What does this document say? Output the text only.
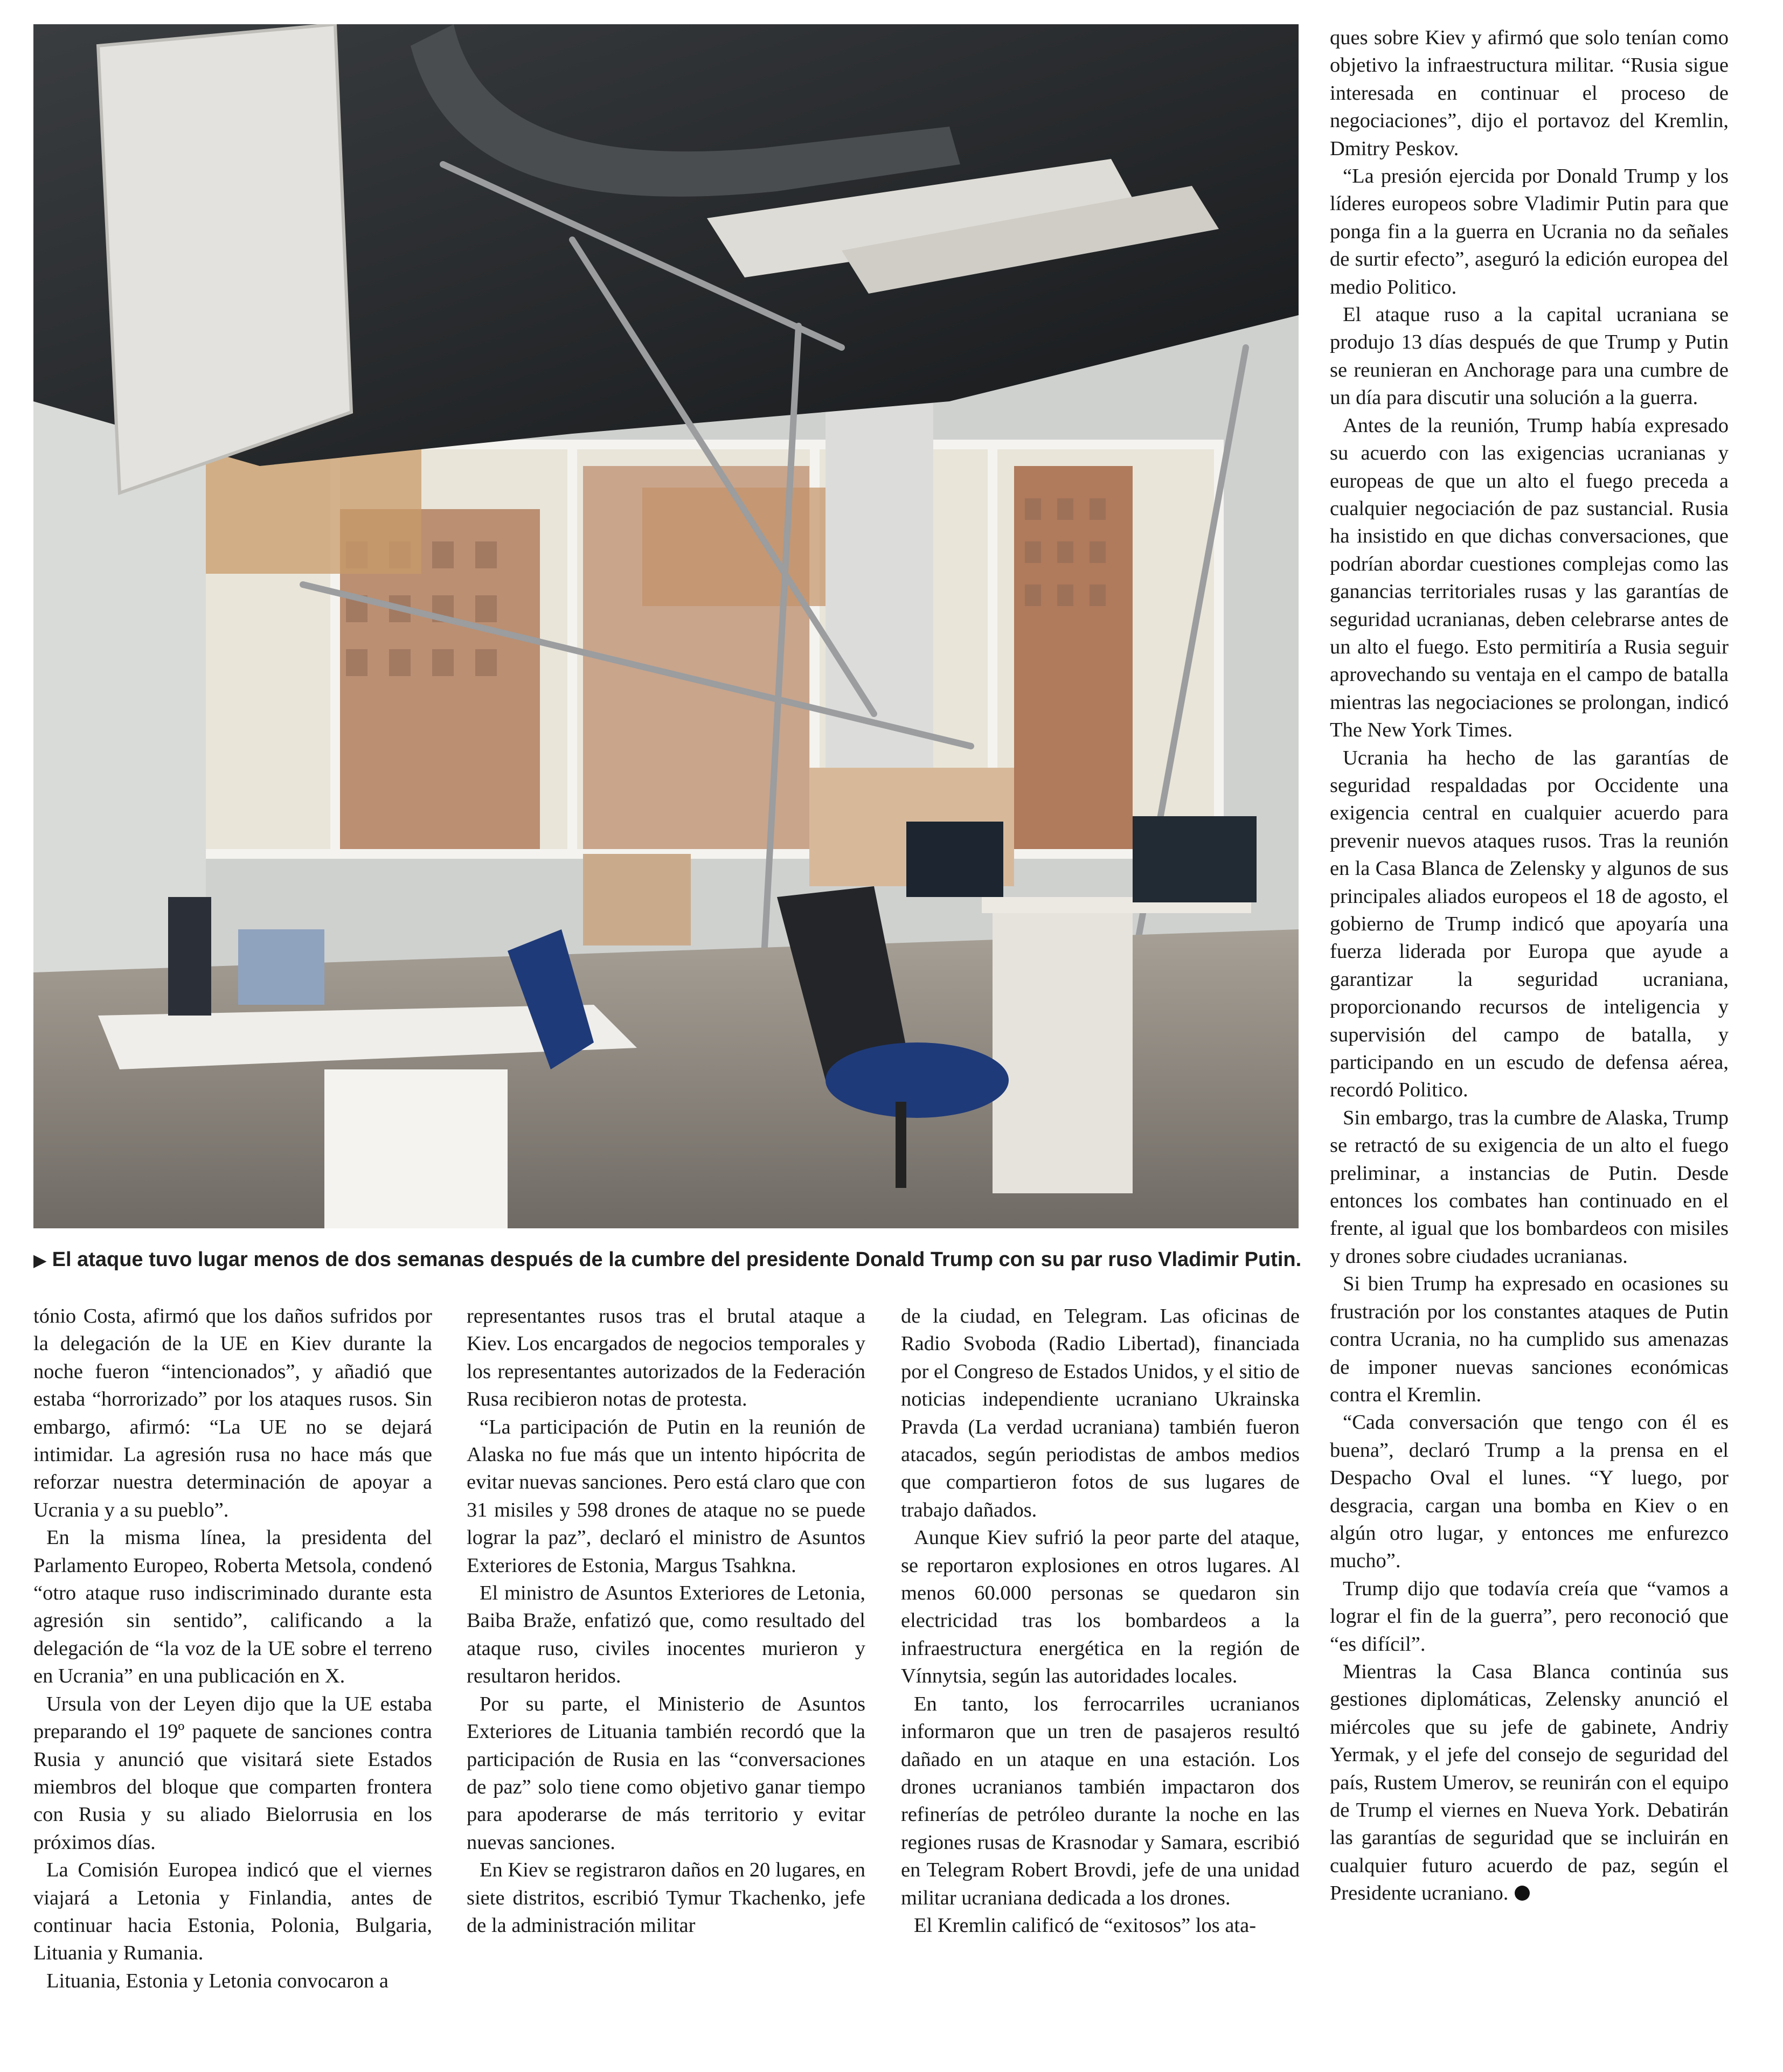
▶ El ataque tuvo lugar menos de dos semanas después de la cumbre del presidente Donald Trump con su par ruso Vladimir Putin.

tónio Costa, afirmó que los daños sufridos por la delegación de la UE en Kiev durante la noche fueron “intencionados”, y añadió que estaba “horrorizado” por los ataques rusos. Sin embargo, afirmó: “La UE no se dejará intimidar. La agresión rusa no hace más que reforzar nuestra determinación de apoyar a Ucrania y a su pueblo”.

En la misma línea, la presidenta del Parlamento Europeo, Roberta Metsola, condenó “otro ataque ruso indiscriminado durante esta agresión sin sentido”, calificando a la delegación de “la voz de la UE sobre el terreno en Ucrania” en una publicación en X.

Ursula von der Leyen dijo que la UE estaba preparando el 19º paquete de sanciones contra Rusia y anunció que visitará siete Estados miembros del bloque que comparten frontera con Rusia y su aliado Bielorrusia en los próximos días.

La Comisión Europea indicó que el viernes viajará a Letonia y Finlandia, antes de continuar hacia Estonia, Polonia, Bulgaria, Lituania y Rumania.

Lituania, Estonia y Letonia convocaron a

representantes rusos tras el brutal ataque a Kiev. Los encargados de negocios temporales y los representantes autorizados de la Federación Rusa recibieron notas de protesta.

“La participación de Putin en la reunión de Alaska no fue más que un intento hipócrita de evitar nuevas sanciones. Pero está claro que con 31 misiles y 598 drones de ataque no se puede lograr la paz”, declaró el ministro de Asuntos Exteriores de Estonia, Margus Tsahkna.

El ministro de Asuntos Exteriores de Letonia, Baiba Braže, enfatizó que, como resultado del ataque ruso, civiles inocentes murieron y resultaron heridos.

Por su parte, el Ministerio de Asuntos Exteriores de Lituania también recordó que la participación de Rusia en las “conversaciones de paz” solo tiene como objetivo ganar tiempo para apoderarse de más territorio y evitar nuevas sanciones.

En Kiev se registraron daños en 20 lugares, en siete distritos, escribió Tymur Tkachenko, jefe de la administración militar

de la ciudad, en Telegram. Las oficinas de Radio Svoboda (Radio Libertad), financiada por el Congreso de Estados Unidos, y el sitio de noticias independiente ucraniano Ukrainska Pravda (La verdad ucraniana) también fueron atacados, según periodistas de ambos medios que compartieron fotos de sus lugares de trabajo dañados.

Aunque Kiev sufrió la peor parte del ataque, se reportaron explosiones en otros lugares. Al menos 60.000 personas se quedaron sin electricidad tras los bombardeos a la infraestructura energética en la región de Vínnytsia, según las autoridades locales.

En tanto, los ferrocarriles ucranianos informaron que un tren de pasajeros resultó dañado en un ataque en una estación. Los drones ucranianos también impactaron dos refinerías de petróleo durante la noche en las regiones rusas de Krasnodar y Samara, escribió en Telegram Robert Brovdi, jefe de una unidad militar ucraniana dedicada a los drones.

El Kremlin calificó de “exitosos” los ata-

ques sobre Kiev y afirmó que solo tenían como objetivo la infraestructura militar. “Rusia sigue interesada en continuar el proceso de negociaciones”, dijo el portavoz del Kremlin, Dmitry Peskov.

“La presión ejercida por Donald Trump y los líderes europeos sobre Vladimir Putin para que ponga fin a la guerra en Ucrania no da señales de surtir efecto”, aseguró la edición europea del medio Politico.

El ataque ruso a la capital ucraniana se produjo 13 días después de que Trump y Putin se reunieran en Anchorage para una cumbre de un día para discutir una solución a la guerra.

Antes de la reunión, Trump había expresado su acuerdo con las exigencias ucranianas y europeas de que un alto el fuego preceda a cualquier negociación de paz sustancial. Rusia ha insistido en que dichas conversaciones, que podrían abordar cuestiones complejas como las ganancias territoriales rusas y las garantías de seguridad ucranianas, deben celebrarse antes de un alto el fuego. Esto permitiría a Rusia seguir aprovechando su ventaja en el campo de batalla mientras las negociaciones se prolongan, indicó The New York Times.

Ucrania ha hecho de las garantías de seguridad respaldadas por Occidente una exigencia central en cualquier acuerdo para prevenir nuevos ataques rusos. Tras la reunión en la Casa Blanca de Zelensky y algunos de sus principales aliados europeos el 18 de agosto, el gobierno de Trump indicó que apoyaría una fuerza liderada por Europa que ayude a garantizar la seguridad ucraniana, proporcionando recursos de inteligencia y supervisión del campo de batalla, y participando en un escudo de defensa aérea, recordó Politico.

Sin embargo, tras la cumbre de Alaska, Trump se retractó de su exigencia de un alto el fuego preliminar, a instancias de Putin. Desde entonces los combates han continuado en el frente, al igual que los bombardeos con misiles y drones sobre ciudades ucranianas.

Si bien Trump ha expresado en ocasiones su frustración por los constantes ataques de Putin contra Ucrania, no ha cumplido sus amenazas de imponer nuevas sanciones económicas contra el Kremlin.

“Cada conversación que tengo con él es buena”, declaró Trump a la prensa en el Despacho Oval el lunes. “Y luego, por desgracia, cargan una bomba en Kiev o en algún otro lugar, y entonces me enfurezco mucho”.

Trump dijo que todavía creía que “vamos a lograr el fin de la guerra”, pero reconoció que “es difícil”.

Mientras la Casa Blanca continúa sus gestiones diplomáticas, Zelensky anunció el miércoles que su jefe de gabinete, Andriy Yermak, y el jefe del consejo de seguridad del país, Rustem Umerov, se reunirán con el equipo de Trump el viernes en Nueva York. Debatirán las garantías de seguridad que se incluirán en cualquier futuro acuerdo de paz, según el Presidente ucraniano.
